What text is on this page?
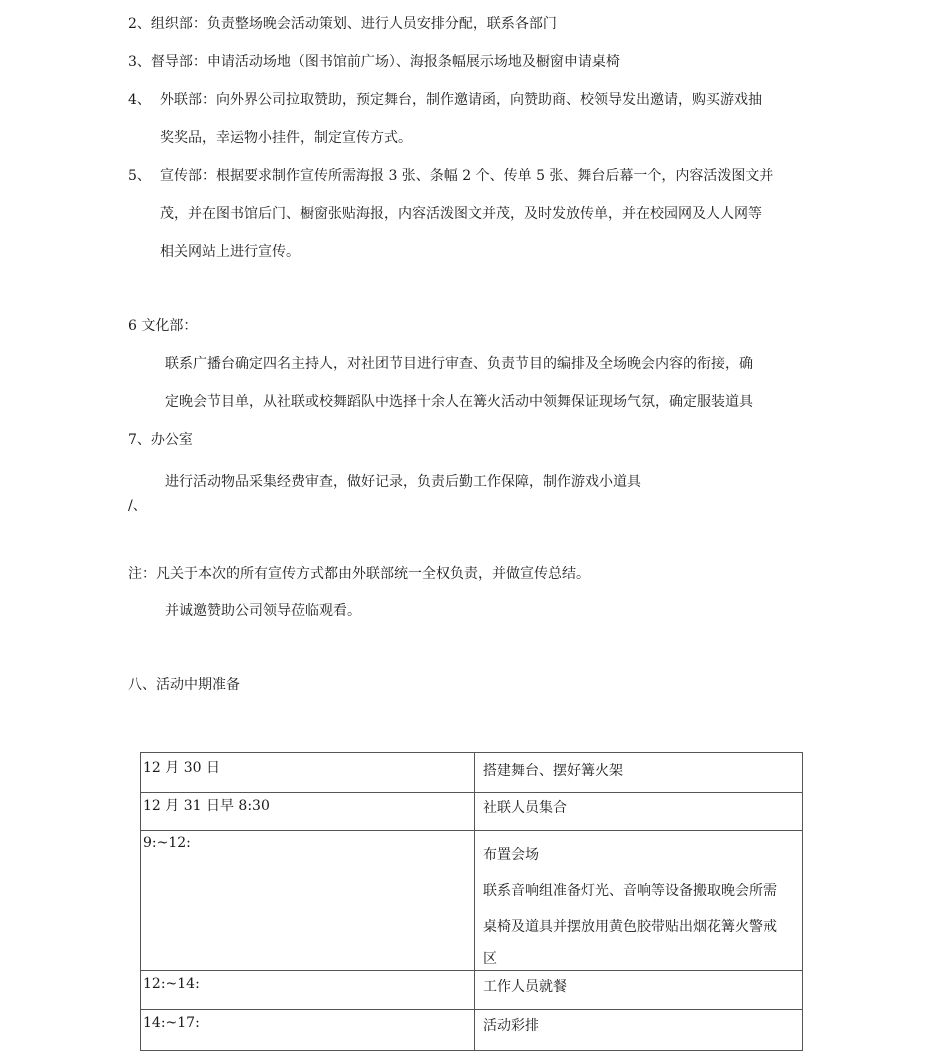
2、组织部：负责整场晚会活动策划、进行人员安排分配，联系各部门
3、督导部：申请活动场地（图书馆前广场）、海报条幅展示场地及橱窗申请桌椅
4、 外联部：向外界公司拉取赞助，预定舞台，制作邀请函，向赞助商、校领导发出邀请，购买游戏抽
奖奖品，幸运物小挂件，制定宣传方式。
5、 宣传部：根据要求制作宣传所需海报 3 张、条幅 2 个、传单 5 张、舞台后幕一个，内容活泼图文并
茂，并在图书馆后门、橱窗张贴海报，内容活泼图文并茂，及时发放传单，并在校园网及人人网等
相关网站上进行宣传。
6 文化部：
联系广播台确定四名主持人，对社团节目进行审查、负责节目的编排及全场晚会内容的衔接，确
定晚会节目单，从社联或校舞蹈队中选择十余人在篝火活动中领舞保证现场气氛，确定服装道具
7、办公室
进行活动物品采集经费审查，做好记录，负责后勤工作保障，制作游戏小道具
/、
注：凡关于本次的所有宣传方式都由外联部统一全权负责，并做宣传总结。
并诚邀赞助公司领导莅临观看。
八、活动中期准备
12 月 30 日	搭建舞台、摆好篝火架

12 月 31 日早 8:30	社联人员集合

9:~12:	布置会场
联系音响组准备灯光、音响等设备搬取晚会所需
桌椅及道具并摆放用黄色胶带贴出烟花篝火警戒
区

12:~14:	工作人员就餐

14:~17:	活动彩排
